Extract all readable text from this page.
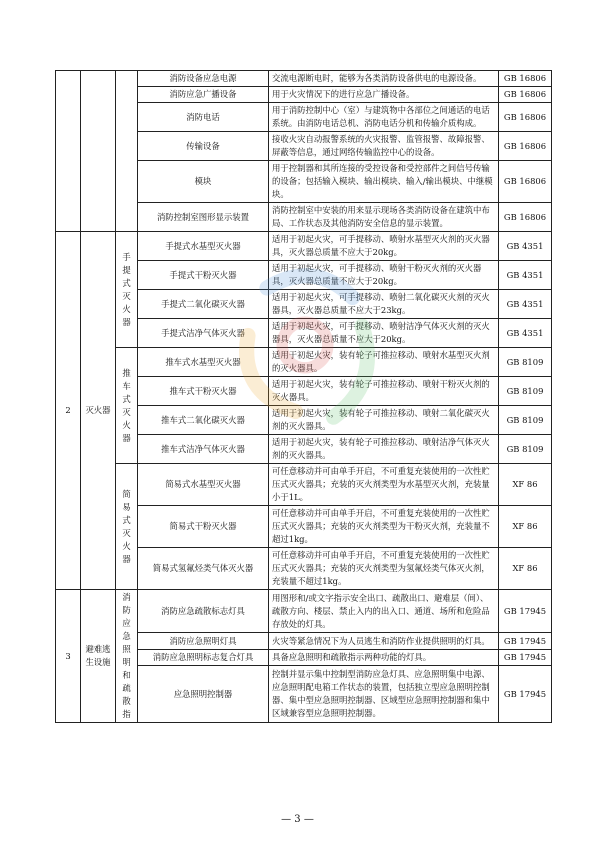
			消防设备应急电源	交流电源断电时，能够为各类消防设备供电的电源设备。	GB 16806
			消防应急广播设备	用于火灾情况下的进行应急广播设备。	GB 16806
			消防电话	用于消防控制中心（室）与建筑物中各部位之间通话的电话系统。由消防电话总机、消防电话分机和传输介质构成。	GB 16806
			传输设备	接收火灾自动报警系统的火灾报警、监管报警、故障报警、屏蔽等信息，通过网络传输监控中心的设备。	GB 16806
			模块	用于控制器和其所连接的受控设备和受控部件之间信号传输的设备；包括输入模块、输出模块、输入/输出模块、中继模块。	GB 16806
			消防控制室图形显示装置	消防控制室中安装的用来显示现场各类消防设备在建筑中布局、工作状态及其他消防安全信息的显示装置。	GB 16806
2	灭火器	手提式灭火器	手提式水基型灭火器	适用于初起火灾，可手提移动、喷射水基型灭火剂的灭火器具，灭火器总质量不应大于20kg。	GB 4351
			手提式干粉灭火器	适用于初起火灾，可手提移动、喷射干粉灭火剂的灭火器具，灭火器总质量不应大于20kg。	GB 4351
			手提式二氧化碳灭火器	适用于初起火灾，可手提移动、喷射二氧化碳灭火剂的灭火器具，灭火器总质量不应大于23kg。	GB 4351
			手提式洁净气体灭火器	适用于初起火灾，可手提移动、喷射洁净气体灭火剂的灭火器具，灭火器总质量不应大于20kg。	GB 4351
		推车式灭火器	推车式水基型灭火器	适用于初起火灾，装有轮子可推拉移动、喷射水基型灭火剂的灭火器具。	GB 8109
			推车式干粉灭火器	适用于初起火灾，装有轮子可推拉移动、喷射干粉灭火剂的灭火器具。	GB 8109
			推车式二氧化碳灭火器	适用于初起火灾，装有轮子可推拉移动、喷射二氧化碳灭火剂的灭火器具。	GB 8109
			推车式洁净气体灭火器	适用于初起火灾，装有轮子可推拉移动、喷射洁净气体灭火剂的灭火器具。	GB 8109
		简易式灭火器	简易式水基型灭火器	可任意移动并可由单手开启，不可重复充装使用的一次性贮压式灭火器具；充装的灭火剂类型为水基型灭火剂，充装量小于1L。	XF 86
			简易式干粉灭火器	可任意移动并可由单手开启，不可重复充装使用的一次性贮压式灭火器具；充装的灭火剂类型为干粉灭火剂，充装量不超过1kg。	XF 86
			简易式氢氟烃类气体灭火器	可任意移动并可由单手开启，不可重复充装使用的一次性贮压式灭火器具；充装的灭火剂类型为氢氟烃类气体灭火剂，充装量不超过1kg。	XF 86
3	避难逃生设施	消防应急照明和疏散指	消防应急疏散标志灯具	用图形和/或文字指示安全出口、疏散出口、避难层（间）、疏散方向、楼层、禁止入内的出入口、通道、场所和危险品存放处的灯具。	GB 17945
			消防应急照明灯具	火灾等紧急情况下为人员逃生和消防作业提供照明的灯具。	GB 17945
			消防应急照明标志复合灯具	具备应急照明和疏散指示两种功能的灯具。	GB 17945
			应急照明控制器	控制并显示集中控制型消防应急灯具、应急照明集中电源、应急照明配电箱工作状态的装置，包括独立型应急照明控制器、集中型应急照明控制器、区域型应急照明控制器和集中区域兼容型应急照明控制器。	GB 17945
— 3 —
